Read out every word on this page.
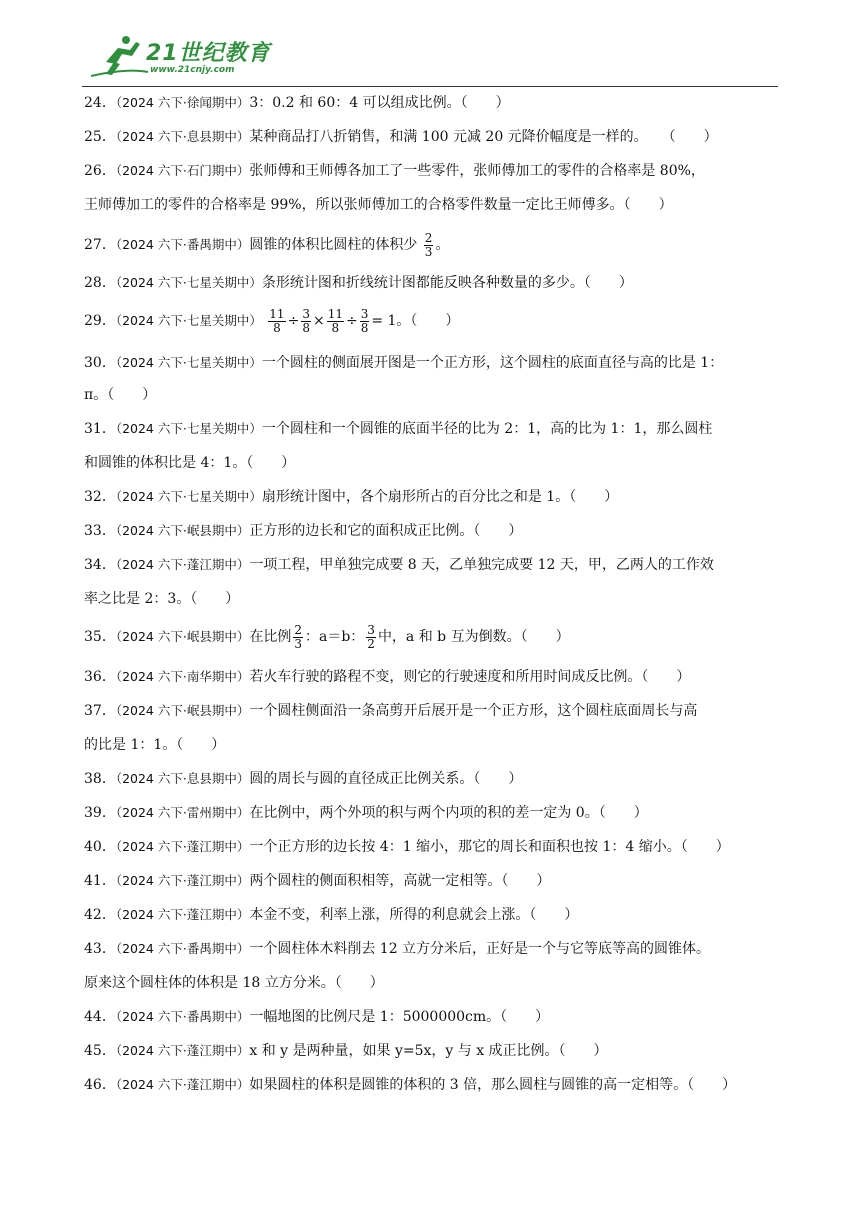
21世纪教育
www.21cnjy.com
24．（2024 六下·徐闻期中）3：0.2 和 60：4 可以组成比例。（　　）
25．（2024 六下·息县期中）某种商品打八折销售，和满 100 元减 20 元降价幅度是一样的。　　（　　）
26．（2024 六下·石门期中）张师傅和王师傅各加工了一些零件，张师傅加工的零件的合格率是 80%，
王师傅加工的零件的合格率是 99%，所以张师傅加工的合格零件数量一定比王师傅多。（　　）
27．（2024 六下·番禺期中）圆锥的体积比圆柱的体积少 $\frac{2}{3}$ 。
28．（2024 六下·七星关期中）条形统计图和折线统计图都能反映各种数量的多少。（　　）
29．（2024 六下·七星关期中） $\frac{11}{8} \div \frac{3}{8} \times \frac{11}{8} \div \frac{3}{8} = 1$。（　　）
30．（2024 六下·七星关期中）一个圆柱的侧面展开图是一个正方形，这个圆柱的底面直径与高的比是 1：
π。（　　）
31．（2024 六下·七星关期中）一个圆柱和一个圆锥的底面半径的比为 2：1，高的比为 1：1，那么圆柱
和圆锥的体积比是 4：1。（　　）
32．（2024 六下·七星关期中）扇形统计图中，各个扇形所占的百分比之和是 1。（　　）
33．（2024 六下·岷县期中）正方形的边长和它的面积成正比例。（　　）
34．（2024 六下·蓬江期中）一项工程，甲单独完成要 8 天，乙单独完成要 12 天，甲，乙两人的工作效
率之比是 2：3。（　　）
35．（2024 六下·岷县期中）在比例 $\frac{2}{3}$ ：a＝b： $\frac{3}{2}$ 中，a 和 b 互为倒数。（　　）
36．（2024 六下·南华期中）若火车行驶的路程不变，则它的行驶速度和所用时间成反比例。（　　）
37．（2024 六下·岷县期中）一个圆柱侧面沿一条高剪开后展开是一个正方形，这个圆柱底面周长与高
的比是 1：1。（　　）
38．（2024 六下·息县期中）圆的周长与圆的直径成正比例关系。（　　）
39．（2024 六下·雷州期中）在比例中，两个外项的积与两个内项的积的差一定为 0。（　　）
40．（2024 六下·蓬江期中）一个正方形的边长按 4：1 缩小，那它的周长和面积也按 1：4 缩小。（　　）
41．（2024 六下·蓬江期中）两个圆柱的侧面积相等，高就一定相等。（　　）
42．（2024 六下·蓬江期中）本金不变，利率上涨，所得的利息就会上涨。（　　）
43．（2024 六下·番禺期中）一个圆柱体木料削去 12 立方分米后，正好是一个与它等底等高的圆锥体。
原来这个圆柱体的体积是 18 立方分米。（　　）
44．（2024 六下·番禺期中）一幅地图的比例尺是 1：5000000cm。（　　）
45．（2024 六下·蓬江期中）x 和 y 是两种量，如果 y=5x，y 与 x 成正比例。（　　）
46．（2024 六下·蓬江期中）如果圆柱的体积是圆锥的体积的 3 倍，那么圆柱与圆锥的高一定相等。（　　）
